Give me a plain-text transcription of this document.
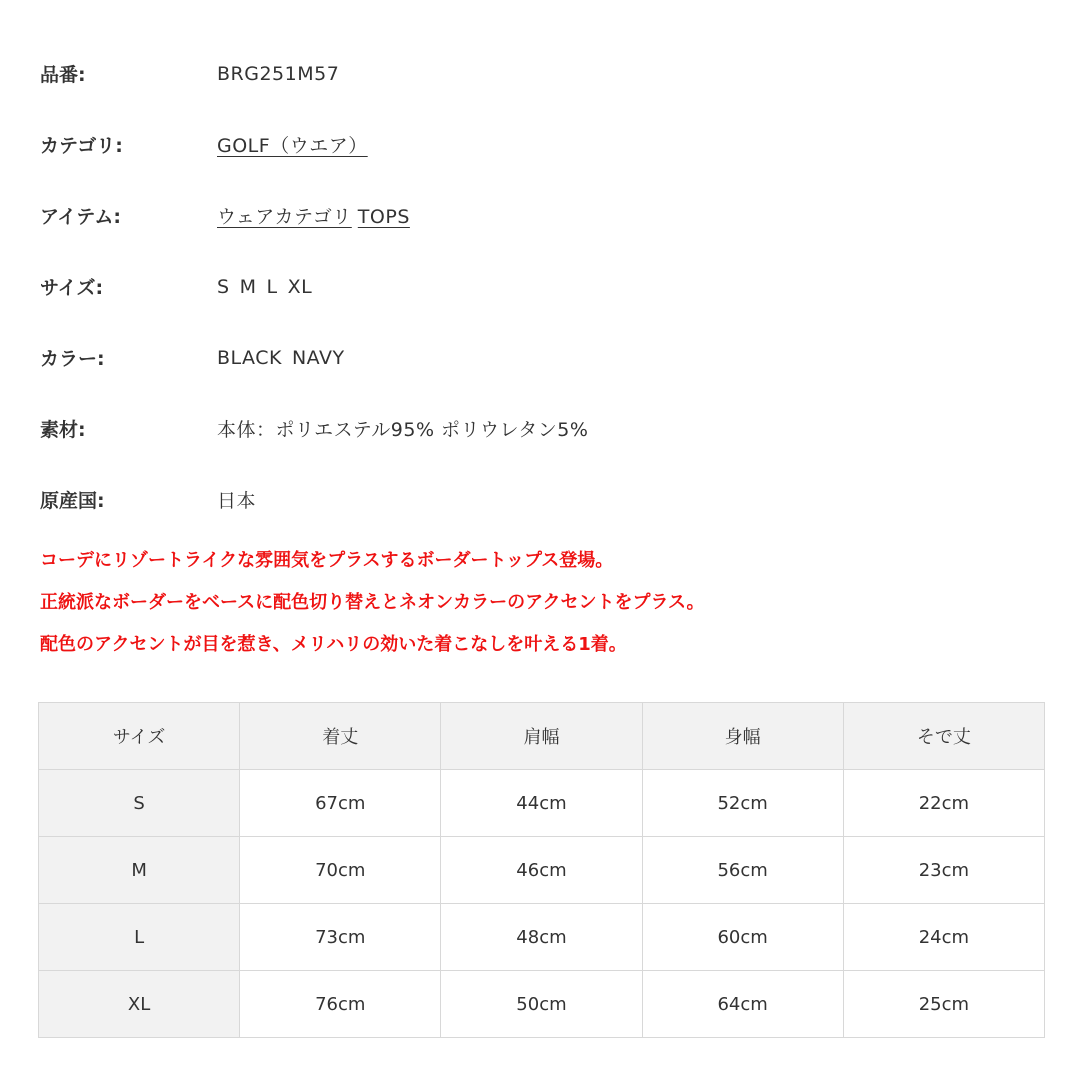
品番:	BRG251M57
カテゴリ:	GOLF（ウエア）
アイテム:	ウェアカテゴリ TOPS
サイズ:	S M L XL
カラー:	BLACK NAVY
素材:	本体：ポリエステル95% ポリウレタン5%
原産国:	日本
コーデにリゾートライクな雰囲気をプラスするボーダートップス登場。
正統派なボーダーをベースに配色切り替えとネオンカラーのアクセントをプラス。
配色のアクセントが目を惹き、メリハリの効いた着こなしを叶える1着。
サイズ	着丈	肩幅	身幅	そで丈
S	67cm	44cm	52cm	22cm
M	70cm	46cm	56cm	23cm
L	73cm	48cm	60cm	24cm
XL	76cm	50cm	64cm	25cm
